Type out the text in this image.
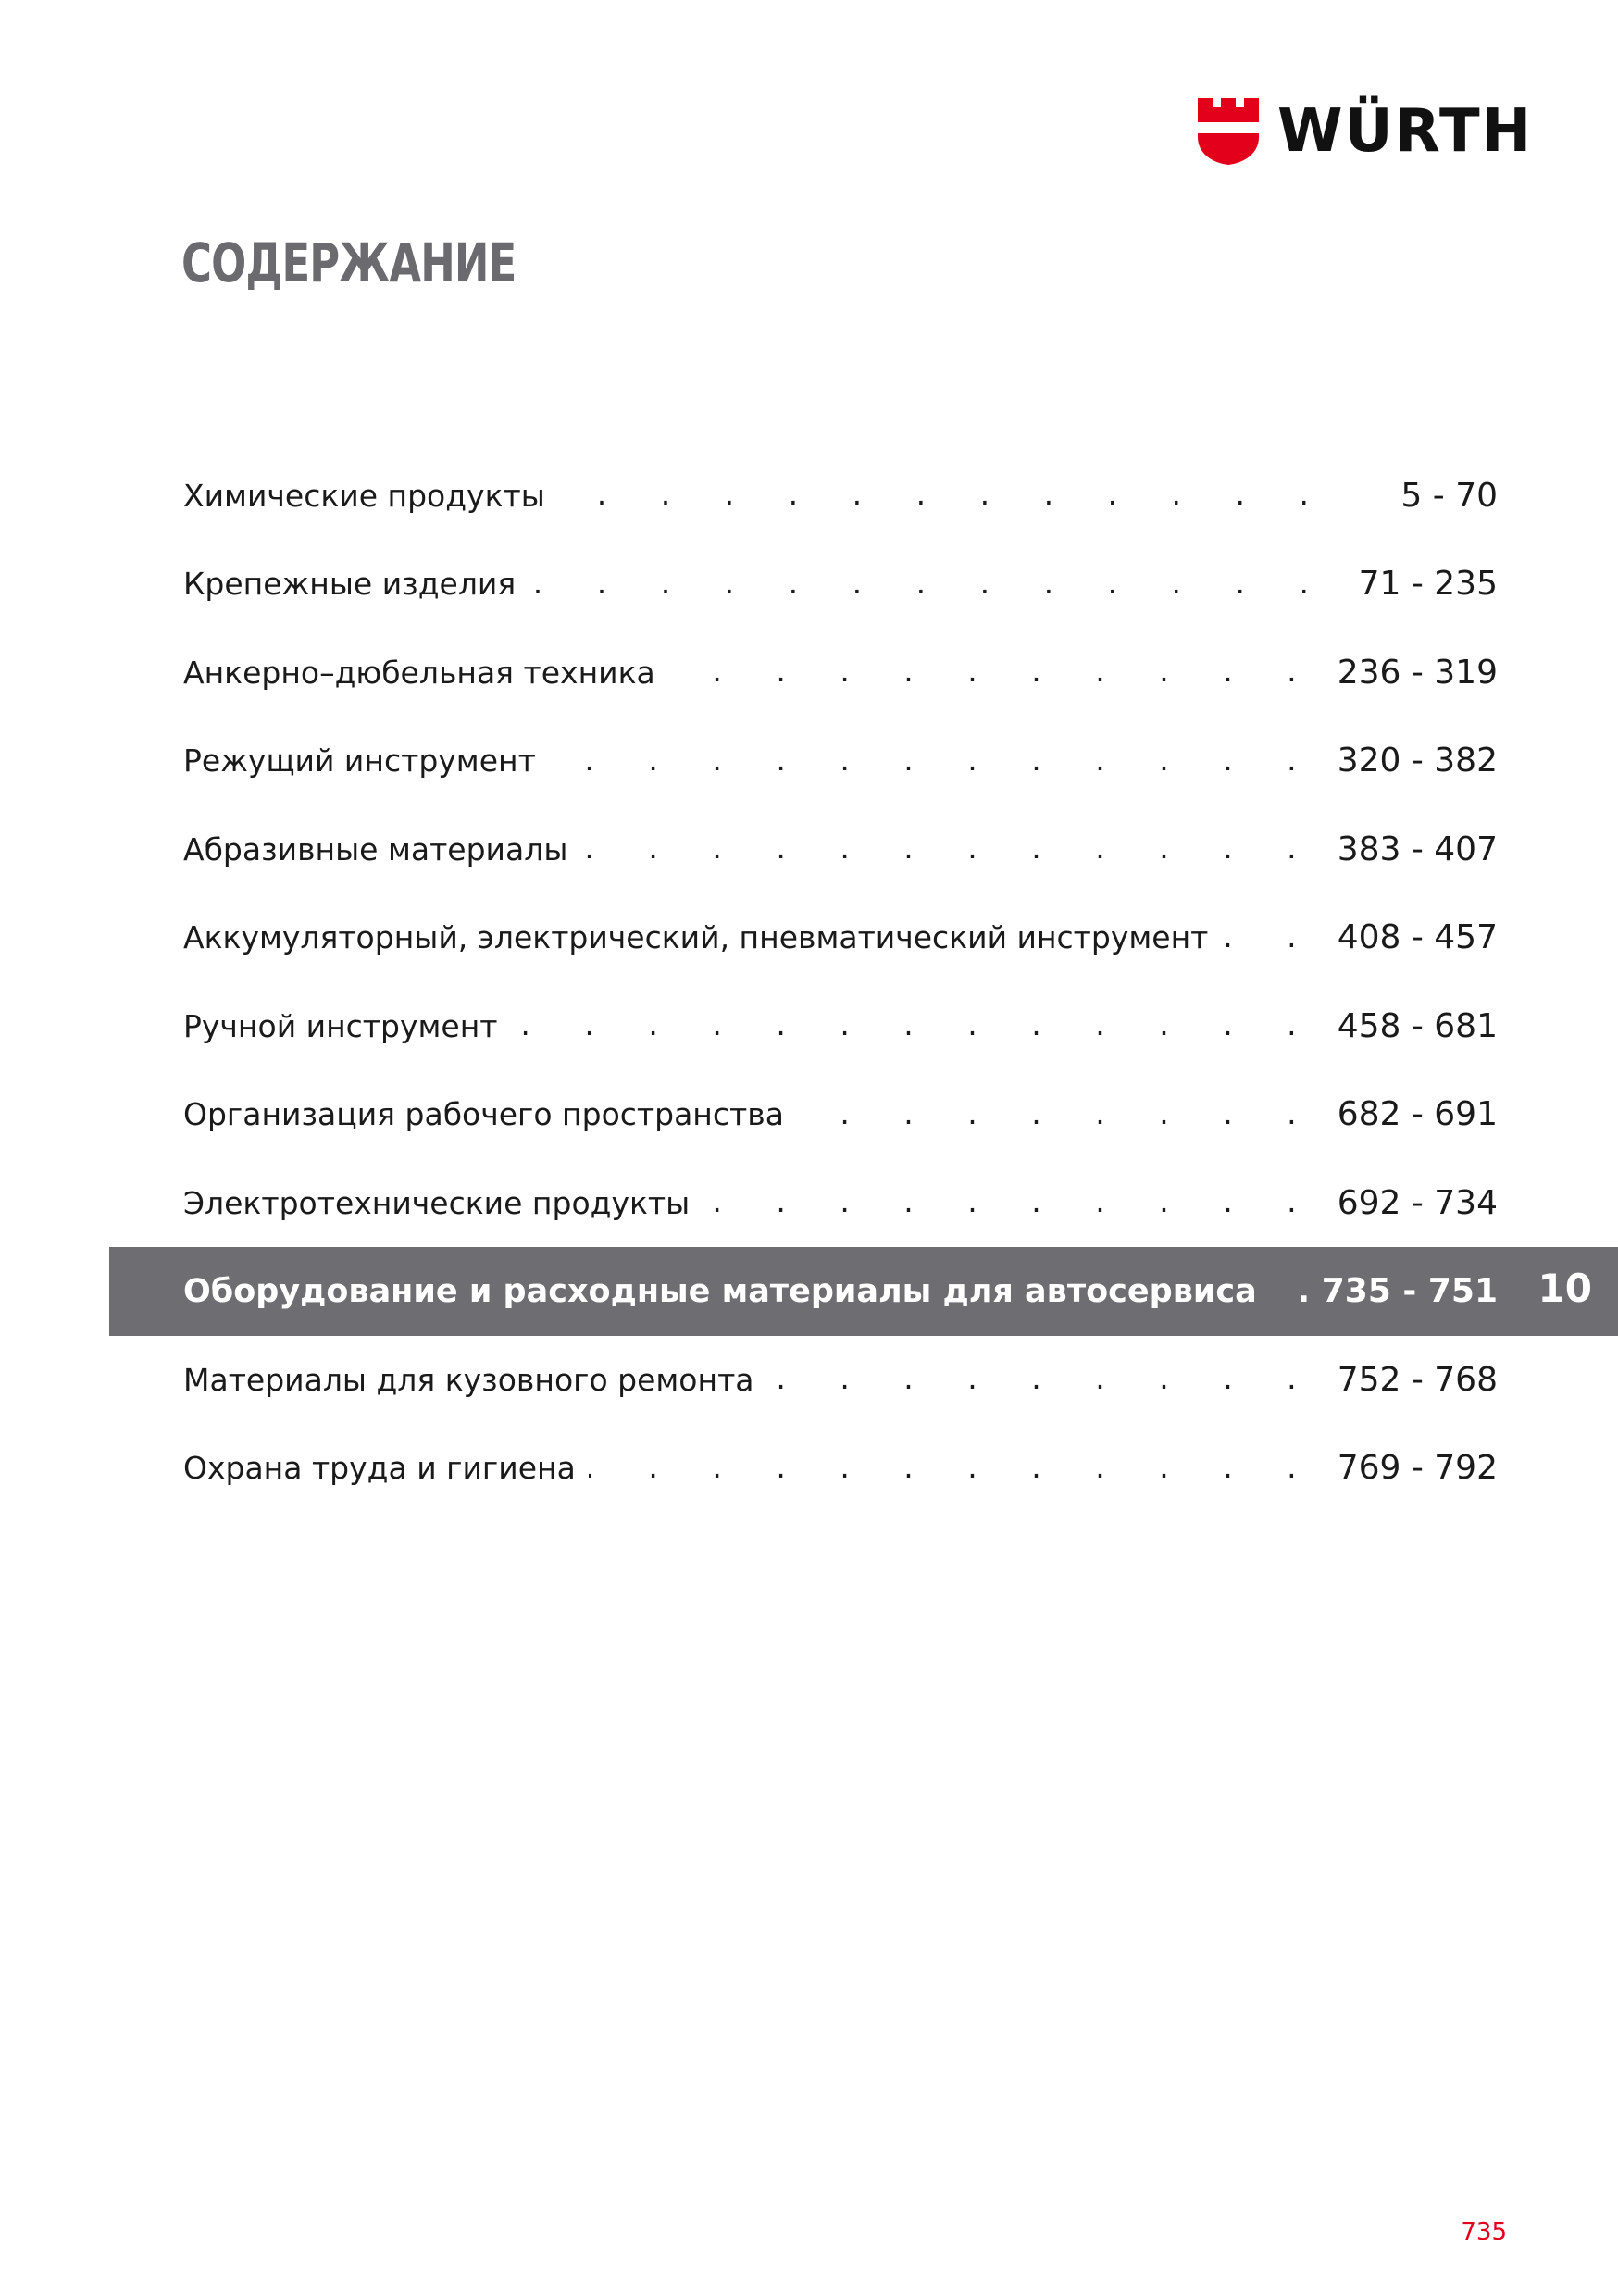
WÜRTH
СОДЕРЖАНИЕ
10
Химические продукты . . .	5 - 70
Крепежные изделия . . .	71 - 235
Анкерно–дюбельная техника . . .	236 - 319
Режущий инструмент . . .	320 - 382
Абразивные материалы . . .	383 - 407
Аккумуляторный, электрический, пневматический инструмент . . .	408 - 457
Ручной инструмент . . .	458 - 681
Организация рабочего пространства . . .	682 - 691
Электротехнические продукты . . .	692 - 734
Оборудование и расходные материалы для автосервиса . . .	. 735 - 751
Материалы для кузовного ремонта . . .	752 - 768
Охрана труда и гигиена . . .	769 - 792
735
